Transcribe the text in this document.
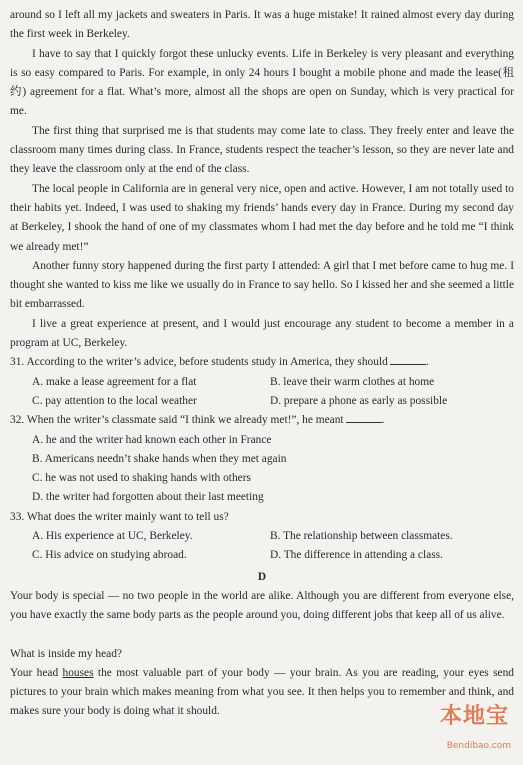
around so I left all my jackets and sweaters in Paris. It was a huge mistake! It rained almost every day during the first week in Berkeley.

I have to say that I quickly forgot these unlucky events. Life in Berkeley is very pleasant and everything is so easy compared to Paris. For example, in only 24 hours I bought a mobile phone and made the lease(租约) agreement for a flat. What’s more, almost all the shops are open on Sunday, which is very practical for me.

The first thing that surprised me is that students may come late to class. They freely enter and leave the classroom many times during class. In France, students respect the teacher’s lesson, so they are never late and they leave the classroom only at the end of the class.

The local people in California are in general very nice, open and active. However, I am not totally used to their habits yet. Indeed, I was used to shaking my friends’ hands every day in France. During my second day at Berkeley, I shook the hand of one of my classmates whom I had met the day before and he told me “I think we already met!”

Another funny story happened during the first party I attended: A girl that I met before came to hug me. I thought she wanted to kiss me like we usually do in France to say hello. So I kissed her and she seemed a little bit embarrassed.

I live a great experience at present, and I would just encourage any student to become a member in a program at UC, Berkeley.

31. According to the writer’s advice, before students study in America, they should	.

A. make a lease agreement for a flat	B. leave their warm clothes at home
C. pay attention to the local weather	D. prepare a phone as early as possible

32. When the writer’s classmate said “I think we already met!”, he meant	.

A. he and the writer had known each other in France
B. Americans needn’t shake hands when they met again
C. he was not used to shaking hands with others
D. the writer had forgotten about their last meeting

33. What does the writer mainly want to tell us?

A. His experience at UC, Berkeley.	B. The relationship between classmates.
C. His advice on studying abroad.	D. The difference in attending a class.

D

Your body is special — no two people in the world are alike. Although you are different from everyone else, you have exactly the same body parts as the people around you, doing different jobs that keep all of us alive.

What is inside my head?

Your head houses the most valuable part of your body — your brain. As you are reading, your eyes send pictures to your brain which makes meaning from what you see. It then helps you to remember and think, and makes sure your body is doing what it should.	本地宝
Bendibao.com
